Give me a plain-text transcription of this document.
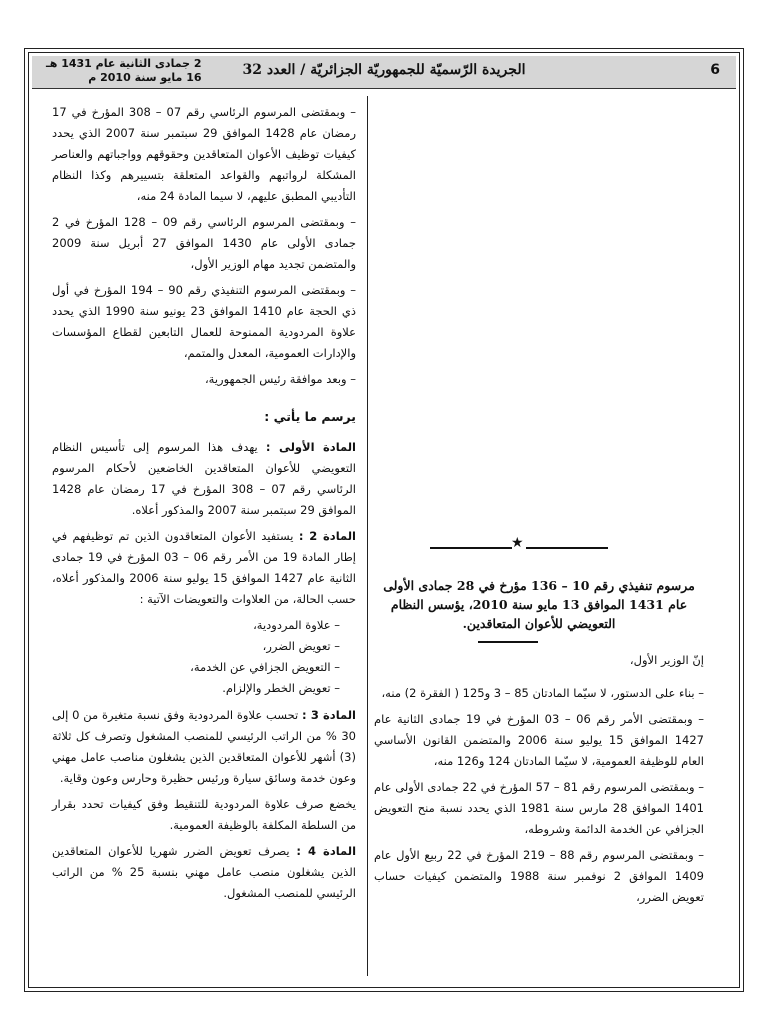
6
الجريدة الرّسميّة للجمهوريّة الجزائريّة / العدد 32
2 جمادى الثانية عام 1431 هـ
16 مايو سنة 2010 م
★
مرسوم تنفيذي رقم 10 – 136 مؤرخ في 28 جمادى الأولى عام 1431 الموافق 13 مايو سنة 2010، يؤسس النظام التعويضي للأعوان المتعاقدين.

إنّ الوزير الأول،

– بناء على الدستور، لا سيّما المادتان 85 – 3 و125 ( الفقرة 2) منه،

– وبمقتضى الأمر رقم 06 – 03 المؤرخ في 19 جمادى الثانية عام 1427 الموافق 15 يوليو سنة 2006 والمتضمن القانون الأساسي العام للوظيفة العمومية، لا سيّما المادتان 124 و126 منه،

– وبمقتضى المرسوم رقم 81 – 57 المؤرخ في 22 جمادى الأولى عام 1401 الموافق 28 مارس سنة 1981 الذي يحدد نسبة منح التعويض الجزافي عن الخدمة الدائمة وشروطه،

– وبمقتضى المرسوم رقم 88 – 219 المؤرخ في 22 ربيع الأول عام 1409 الموافق 2 نوفمبر سنة 1988 والمتضمن كيفيات حساب تعويض الضرر،

– وبمقتضى المرسوم الرئاسي رقم 07 – 308 المؤرخ في 17 رمضان عام 1428 الموافق 29 سبتمبر سنة 2007 الذي يحدد كيفيات توظيف الأعوان المتعاقدين وحقوقهم وواجباتهم والعناصر المشكلة لرواتبهم والقواعد المتعلقة بتسييرهم وكذا النظام التأديبي المطبق عليهم، لا سيما المادة 24 منه،

– وبمقتضى المرسوم الرئاسي رقم 09 – 128 المؤرخ في 2 جمادى الأولى عام 1430 الموافق 27 أبريل سنة 2009 والمتضمن تجديد مهام الوزير الأول،

– وبمقتضى المرسوم التنفيذي رقم 90 – 194 المؤرخ في أول ذي الحجة عام 1410 الموافق 23 يونيو سنة 1990 الذي يحدد علاوة المردودية الممنوحة للعمال التابعين لقطاع المؤسسات والإدارات العمومية، المعدل والمتمم،

– وبعد موافقة رئيس الجمهورية،

يرسم ما يأتي :

المادة الأولى : يهدف هذا المرسوم إلى تأسيس النظام التعويضي للأعوان المتعاقدين الخاضعين لأحكام المرسوم الرئاسي رقم 07 – 308 المؤرخ في 17 رمضان عام 1428 الموافق 29 سبتمبر سنة 2007 والمذكور أعلاه.

المادة 2 : يستفيد الأعوان المتعاقدون الذين تم توظيفهم في إطار المادة 19 من الأمر رقم 06 – 03 المؤرخ في 19 جمادى الثانية عام 1427 الموافق 15 يوليو سنة 2006 والمذكور أعلاه، حسب الحالة، من العلاوات والتعويضات الآتية :

– علاوة المردودية،
– تعويض الضرر،
– التعويض الجزافي عن الخدمة،
– تعويض الخطر والإلزام.

المادة 3 : تحسب علاوة المردودية وفق نسبة متغيرة من 0 إلى 30 % من الراتب الرئيسي للمنصب المشغول وتصرف كل ثلاثة (3) أشهر للأعوان المتعاقدين الذين يشغلون مناصب عامل مهني وعون خدمة وسائق سيارة ورئيس حظيرة وحارس وعون وقاية.

يخضع صرف علاوة المردودية للتنقيط وفق كيفيات تحدد بقرار من السلطة المكلفة بالوظيفة العمومية.

المادة 4 : يصرف تعويض الضرر شهريا للأعوان المتعاقدين الذين يشغلون منصب عامل مهني بنسبة 25 % من الراتب الرئيسي للمنصب المشغول.
